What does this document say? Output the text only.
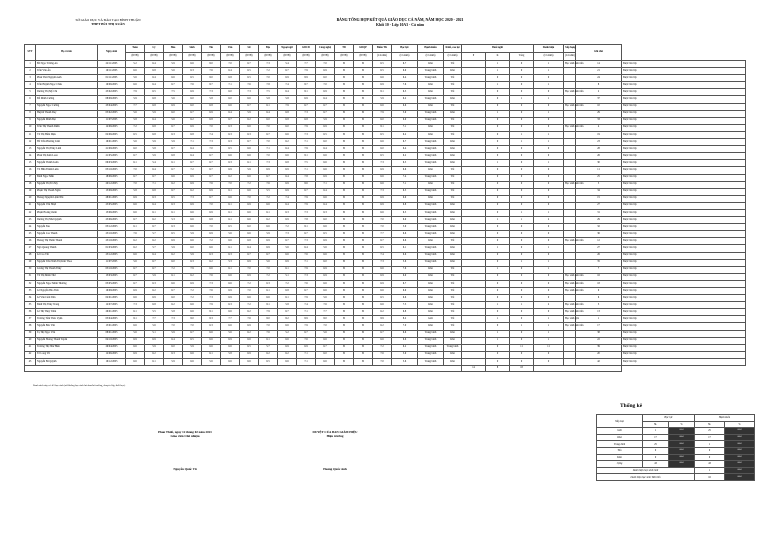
SỞ GIÁO DỤC VÀ ĐÀO TẠO BÌNH THUẬN
THPT BÙI THỊ XUÂN
BẢNG TỔNG HỢP KẾT QUẢ GIÁO DỤC CẢ NĂM, NĂM HỌC 2020 - 2021
Khối 10 - Lớp 10A3 - Cả năm
STT	Họ và tên	Ngày sinh	Toán	Lý	Hóa	Sinh	Tin	Văn	Sử	Địa	Ngoại ngữ	GDCD	Công nghệ	TD	GDQP	Điểm TK	Học lực	Hạnh kiểm	Khối, cao lại	Buổi nghỉ			Danh hiệu	Xếp hạng	Ghi chú	
			(ĐTB)	(ĐTB)	(ĐTB)	(ĐTB)	(ĐTB)	(ĐTB)	(ĐTB)	(ĐTB)	(ĐTB)	(ĐTB)	(ĐTB)	(ĐTB)	(ĐTB)	(Cả năm)	(Cả năm)	(Cả năm)	(Cả năm)	P	K	Tổng	(Cả năm)	(Cả năm)		
1	Bồ Ngọc Tường An	22/11/2005	5.2	6.4	5.9	6.6	8.0	7.0	6.7	7.3	5.4	7.7	7.0	Đ	Đ	6.5	6.7	Khá	Tốt		1	0	1	Học sinh tiên tiến	14	Được lên lớp
2	Trần Văn Ân	19/11/2005	6.6	6.8	5.6	6.3	7.6	6.4	6.5	7.2	6.7	7.9	6.9	Đ	Đ	6.5	6.9	Trung bình	Khá		1	0	1		21	Được lên lớp
3	Phan Thái Nguyên Anh	01/11/2005	5.6	6.4	6.6	6.5	8.0	6.8	6.5	7.0	6.9	8.9	6.0	Đ	Đ	6.6	6.4	Trung bình	Tốt		0	0	0		24	Được lên lớp
4	Trần Huỳnh Ngọc Châu	19/06/2005	6.6	6.4	6.7	7.6	8.7	7.1	7.6	7.8	7.4	8.7	7.0	Đ	Đ	6.9	7.6	Khá	Tốt		1	0	1		8	Được lên lớp
5	Dương Thị Mỹ Chi	25/02/2005	7.9	6.5	7.5	6.9	7.3	6.0	7.3	7.5	6.4	8.1	6.9	Đ	Đ	8.1	6.5	Khá	Tốt		0	0	0	Học sinh tiên tiến	2	Được lên lớp
6	Đỗ Minh Cường	08/09/2005	5.9	6.8	5.6	6.0	5.8	6.0	6.6	5.8	5.8	6.9	6.4	Đ	Đ	5.9	6.2	Trung bình	Khá		0	1	1		37	Được lên lớp
7	Nguyễn Ngọc Cường	23/04/2005	7.7	6.8	6.9	6.0	6.8	6.6	6.7	6.1	7.9	6.7	6.7	Đ	Đ	6.6	6.6	Khá	Tốt		0	0	0	Học sinh tiên tiến	10	Được lên lớp
8	Huỳnh Thanh Duy	05/02/2005	5.6	5.9	6.0	6.7	6.9	6.4	5.9	6.4	6.8	7.3	6.7	Đ	Đ	7.9	5.9	Trung bình	Khá		1	0	1		29	Được lên lớp
9	Nguyễn Minh Đạt	11/07/2005	5.8	6.4	5.6	6.2	6.8	6.7	6.2	6.0	6.8	6.8	5.9	Đ	Đ	6.0	6.9	Trung bình	Tốt		0	0	0		33	Được lên lớp
10	Trần Thị Thanh Diễm	12/06/2005	7.2	6.8	6.7	6.9	7.0	6.3	6.6	7.0	6.0	7.9	6.9	Đ	Đ	8.1	7.1	Khá	Tốt		0	0	0	Học sinh tiên tiến	4	Được lên lớp
11	Võ Thị Hiền Diệu	02/06/2005	6.5	6.8	6.3	6.8	7.4	6.3	6.3	6.7	6.6	7.3	6.5	Đ	Đ	6.5	6.2	Khá	Tốt		0	1	1		19	Được lên lớp
12	Hồ Trần Phương Linh	16/01/2005	5.6	5.9	5.9	7.1	7.3	6.3	6.7	7.0	6.2	7.1	6.0	Đ	Đ	6.6	6.7	Trung bình	Khá		0	1	1		23	Được lên lớp
13	Nguyễn Thị Thùy Linh	21/09/2005	6.0	5.8	6.7	6.4	7.0	6.5	6.6	7.1	6.4	7.9	6.4	Đ	Đ	6.0	6.4	Trung bình	Khá		0	0	0		28	Được lên lớp
14	Phan Thị Kim Loan	21/05/2005	6.7	5.9	6.8	6.4	6.7	6.6	6.6	7.0	6.6	8.1	6.6	Đ	Đ	6.5	6.2	Trung bình	Khá		0	0	0		26	Được lên lớp
15	Nguyễn Thành Luân	06/03/2005	6.1	5.4	6.1	6.7	6.7	6.3	6.1	7.3	6.8	7.5	6.6	Đ	Đ	7.3	6.5	Trung bình	Khá		1	0	1		30	Được lên lớp
16	Võ Hữu Thành Luân	03/10/2005	7.0	6.4	6.7	7.2	6.7	6.9	5.9	6.9	6.9	7.1	6.6	Đ	Đ	6.9	6.6	Khá	Tốt		0	0	0		11	Được lên lớp
17	Đinh Ngọc Mẫn	18/06/2005	6.7	6.7	6.6	6.9	6.7	6.2	6.6	6.7	6.4	7.8	6.9	Đ	Đ	6.6	7.4	Trung bình	Tốt		0	0	0		25	Được lên lớp
18	Nguyễn Thị Trà My	20/12/2005	7.0	7.1	6.2	6.9	7.6	7.0	7.2	7.6	6.9	8.6	7.1	Đ	Đ	6.6	7.1	Khá	Tốt		0	0	0	Học sinh tiên tiến	5	Được lên lớp
19	Phạm Thị Thanh Ngân	13/09/2005	5.8	6.8	6.7	6.2	6.9	6.1	6.6	5.5	6.9	6.7	6.4	Đ	Đ	7.3	6.5	Trung bình	Tốt		0	0	0		34	Được lên lớp
20	Hoàng Nguyễn Lệnh Nhi	28/01/2005	6.9	6.3	6.5	7.3	6.7	6.6	7.0	7.2	7.4	7.9	6.6	Đ	Đ	6.9	6.9	Khá	Tốt		0	0	0		15	Được lên lớp
21	Nguyễn Văn Nhựt	25/05/2005	6.6	6.4	6.3	6.9	7.0	6.1	6.9	6.6	6.4	7.9	6.4	Đ	Đ	6.9	6.8	Trung bình	Khá		0	0	0		27	Được lên lớp
22	Phạm Hoàng Oanh	13/06/2005	6.6	6.1	6.1	6.6	6.9	6.1	6.6	6.1	6.3	7.3	6.3	Đ	Đ	6.6	6.5	Trung bình	Khá		0	1	1		31	Được lên lớp
23	Dương Thị Như Quỳnh	25/06/2005	6.7	6.2	5.3	6.6	6.8	6.1	6.6	6.2	6.9	7.8	6.0	Đ	Đ	7.0	6.9	Trung bình	Khá		1	1	2		29	Được lên lớp
24	Nguyễn Sáu	03/12/2005	6.1	6.7	6.3	6.6	7.0	6.5	6.0	6.6	7.2	8.1	6.6	Đ	Đ	7.0	5.9	Trung bình	Khá		0	0	0		32	Được lên lớp
25	Nguyễn Cao Thanh	23/10/2005	7.6	5.7	6.5	5.9	6.9	5.6	6.6	5.9	7.3	6.7	6.5	Đ	Đ	7.7	6.6	Trung bình	Khá		0	0	0		36	Được lên lớp
26	Hoàng Thị Thêm Thanh	23/10/2005	6.2	6.2	6.9	6.6	7.2	6.6	6.8	6.9	6.7	7.3	6.9	Đ	Đ	6.7	6.6	Khá	Tốt		0	0	0	Học sinh tiên tiến	12	Được lên lớp
27	Ngô Quang Thành	01/03/2005	6.2	5.7	5.9	6.0	6.6	6.1	6.4	6.9	5.6	6.4	5.6	Đ	Đ	6.5	6.1	Trung bình	Khá		1	0	1		27	Được lên lớp
28	Lê Cao Thi	23/12/2005	6.6	6.4	6.2	5.9	6.3	6.3	6.7	6.7	6.6	7.6	6.6	Đ	Đ	7.4	6.6	Trung bình	Khá		0	0	0		26	Được lên lớp
29	Nguyễn Trần Ninh Thị Kim Thoa	11/07/2005	5.6	6.7	6.0	6.3	6.2	5.3	6.9	5.6	6.9	7.1	6.0	Đ	Đ	7.3	5.6	Trung bình	Khá		0	1	1		35	Được lên lớp
30	Lương Thị Thanh Thùy	05/10/2005	6.7	6.7	7.2	7.9	6.6	6.1	7.0	7.0	6.1	7.9	6.9	Đ	Đ	6.6	7.6	Khá	Tốt		1	0	1		7	Được lên lớp
31	Võ Thị Minh Thư	13/03/2005	6.7	5.9	6.1	6.2	7.6	6.6	6.9	7.2	5.1	7.3	6.9	Đ	Đ	6.9	6.9	Khá	Tốt		0	0	0	Học sinh tiên tiến	16	Được lên lớp
32	Nguyễn Ngọc Minh Thương	03/05/2005	6.7	6.3	6.6	6.9	7.3	6.6	7.2	6.3	7.2	7.6	6.6	Đ	Đ	6.9	6.7	Khá	Tốt		0	0	0	Học sinh tiên tiến	18	Được lên lớp
33	Lê Nguyễn Bảo Tiên	16/09/2005	6.9	6.2	6.7	7.2	7.6	6.9	7.0	6.1	6.8	6.7	6.6	Đ	Đ	6.6	6.9	Khá	Tốt		0	0	0	Học sinh tiên tiến	9	Được lên lớp
34	Lê Văn Cẩm Tiên	02/01/2005	6.6	6.9	6.0	7.2	7.3	6.9	6.6	6.6	6.1	7.9	5.6	Đ	Đ	6.5	6.6	Khá	Tốt		0	0	0		6	Được lên lớp
35	Đinh Thị Thùy Trang	12/07/2005	7.3	6.8	6.2	6.6	7.9	6.3	7.2	8.1	5.8	7.4	7.6	Đ	Đ	6.6	7.5	Khá	Tốt		1	1	2	Học sinh tiên tiến	3	Được lên lớp
36	Lê Thị Thùy Trâm	26/01/2005	6.1	5.5	5.8	6.6	8.1	6.6	6.2	7.9	6.7	7.1	7.7	Đ	Đ	6.2	6.8	Khá	Tốt		0	0	0	Học sinh tiên tiến	13	Được lên lớp
37	Trương Trần Thảo Uyên	05/04/2005	8.1	7.7	7.3	8.0	8.3	7.7	7.6	8.0	8.2	8.9	8.0	Đ	Đ	8.9	8.2	Giỏi	Tốt		1	0	1	Học sinh giỏi	1	Được lên lớp
38	Nguyễn Bảo Vân	15/01/2005	6.6	5.6	7.0	7.0	6.3	6.6	6.9	7.0	6.6	7.9	7.0	Đ	Đ	6.2	7.0	Khá	Tốt		0	1	1	Học sinh tiên tiến	17	Được lên lớp
39	Tạ Thị Ngọc Vân	08/01/2005	5.6	5.1	5.9	6.7	6.6	5.6	6.2	7.6	5.2	6.7	5.6	Đ	Đ	6.7	6.6	Trung bình	Khá		1	0	1		38	Được lên lớp
40	Nguyễn Hoàng Thanh Tuyền	04/10/2005	6.9	6.9	6.4	6.5	6.6	6.9	6.6	6.1	6.6	7.6	6.6	Đ	Đ	6.6	6.6	Trung bình	Khá		1	0	1		22	Được lên lớp
41	Trương Thị Như Hiền	29/04/2005	6.6	5.9	6.0	5.9	6.6	6.6	6.5	5.7	6.9	6.9	6.7	Đ	Đ	7.2	6.2	Trung bình	Trung bình		0	11	11		39	Được lên lớp
42	Tô Long Vũ	12/06/2005	6.9	6.2	6.3	6.6	6.1	5.8	6.9	6.2	6.2	7.1	6.0	Đ	Đ	7.6	5.9	Trung bình	Khá		0	0	0		20	Được lên lớp
43	Nguyễn Bá Quỳnh	16/12/2005	6.6	6.1	5.9	6.6	5.6	6.6	6.6	6.5	6.6	7.1	6.6	Đ	Đ	7.0	5.6	Trung bình	Khá		0	0	0		42	Được lên lớp
																				14	8	18				
Danh sách này có: 43 học sinh (nữ không học sinh lưu ban/bỏ trường, chuyển lớp, thôi học).
Thống kê
Xếp loại	Học lực		Hạnh kiểm	
	SL	%	SL	%
Giỏi	1	####	25	####
Khá	17	####	17	####
Trung bình	25	####	1	####
Yếu	0	####	0	####
Kém	0	####	0	####
Cộng	43	####	43	####
Danh hiệu học sinh Giỏi			1	####
Danh hiệu học sinh Tiên tiến			16	####
Phan Thiết, ngày 12 tháng 02 năm 2021
Giáo viên Chủ nhiệm
Nguyễn Quốc Vũ
DUYỆT CỦA BAN GIÁM HIỆU
Hiệu trưởng
Hoàng Quốc Anh
